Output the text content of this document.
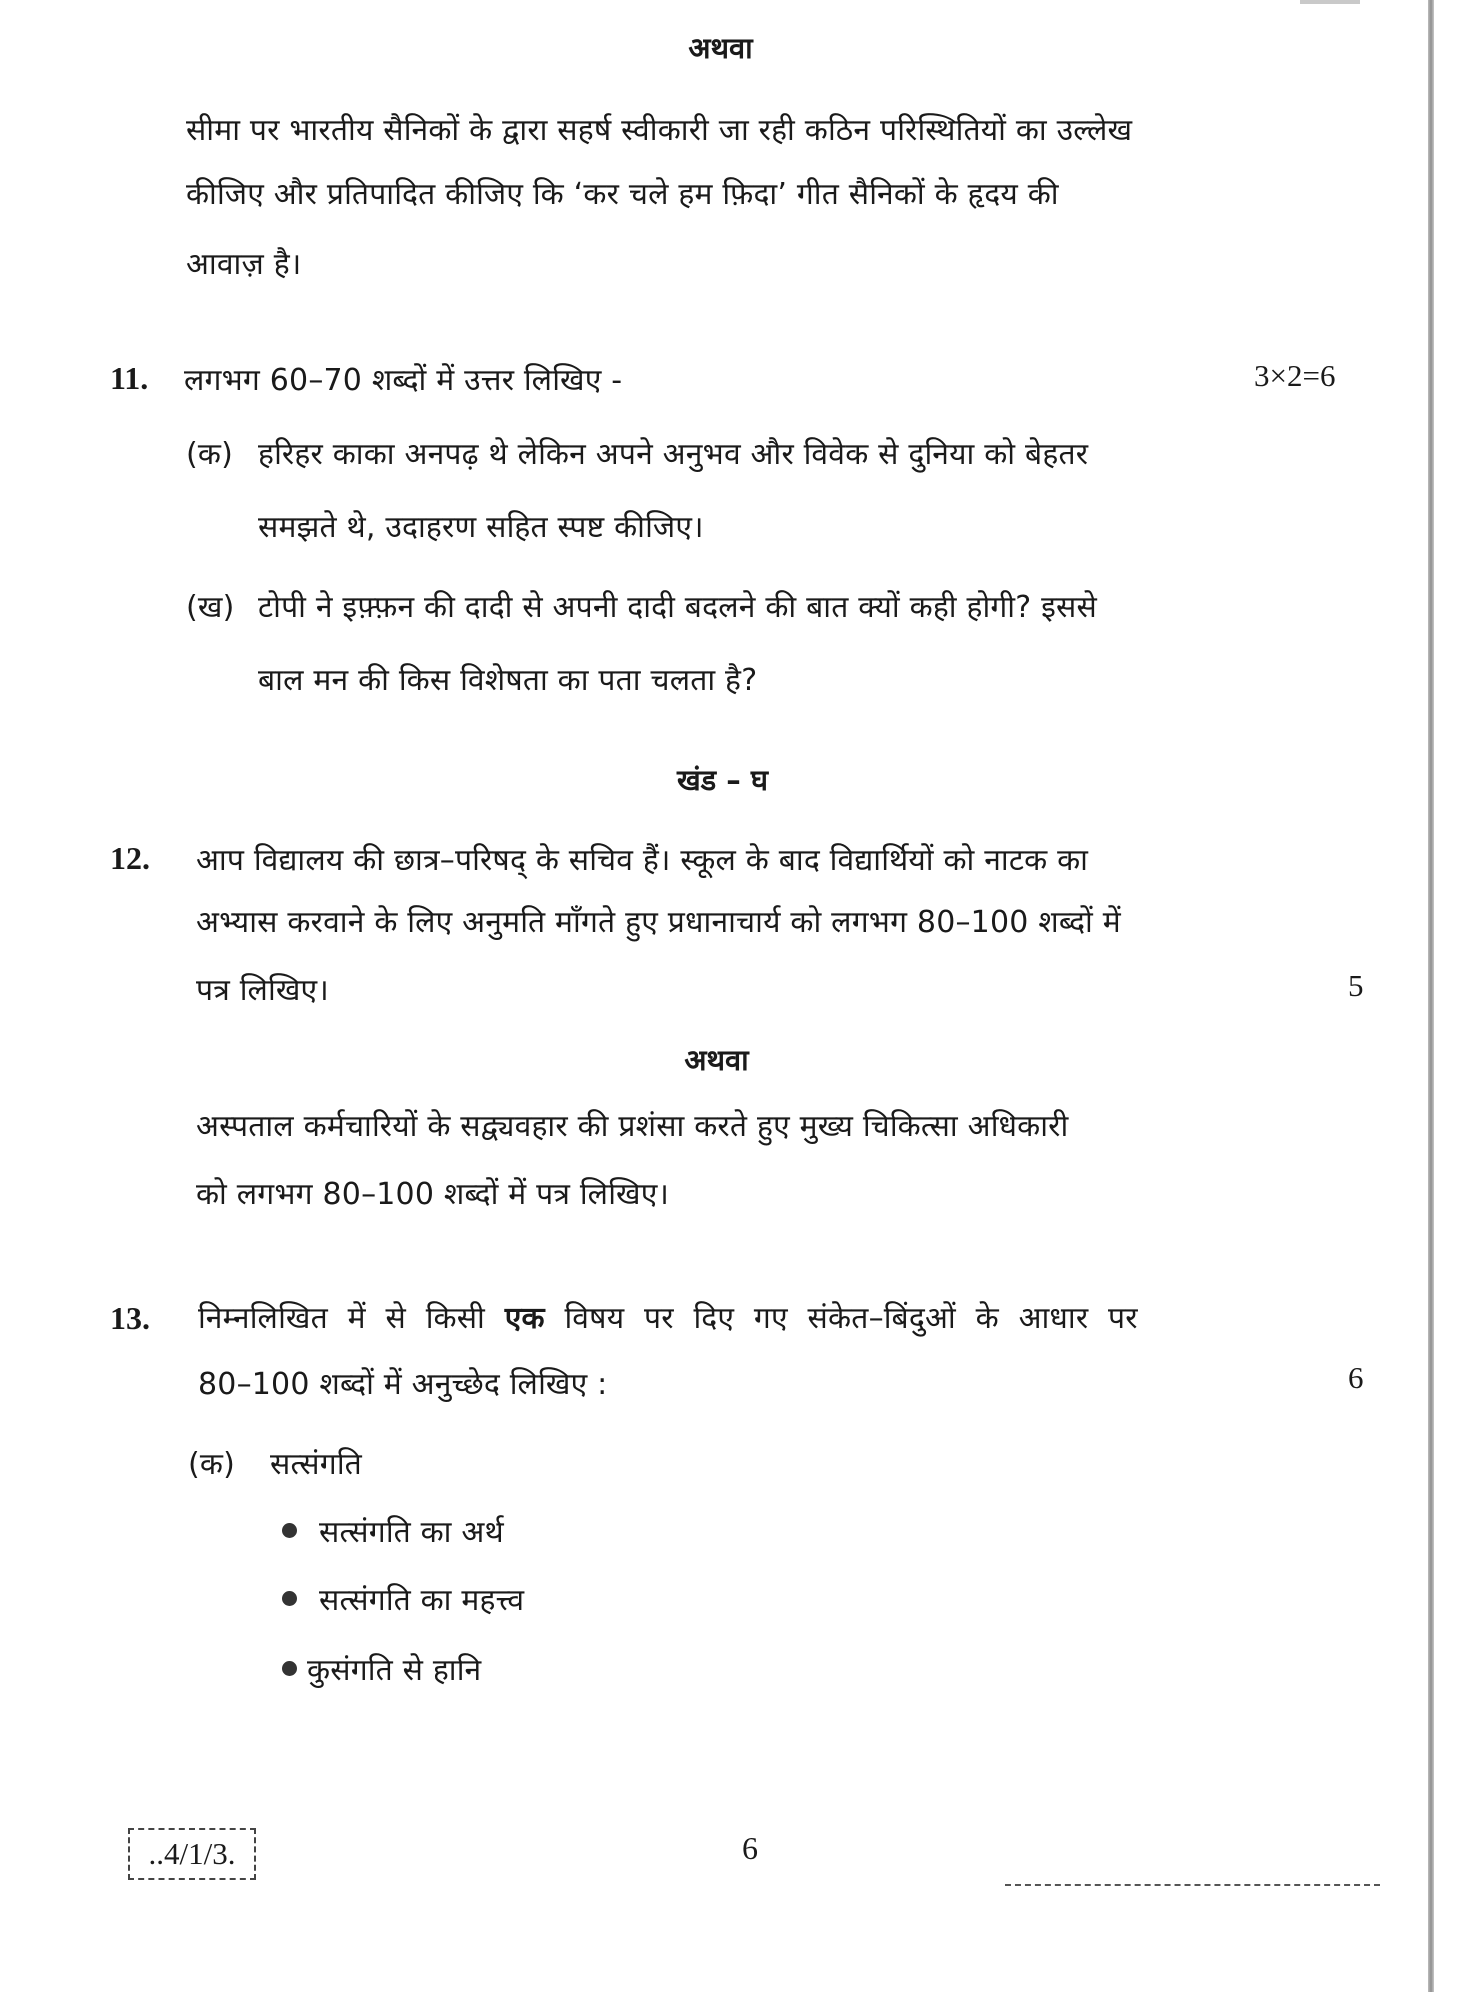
अथवा
सीमा पर भारतीय सैनिकों के द्वारा सहर्ष स्वीकारी जा रही कठिन परिस्थितियों का उल्लेख
कीजिए और प्रतिपादित कीजिए कि ‘कर चले हम फ़िदा’ गीत सैनिकों के हृदय की
आवाज़ है।
11. लगभग 60–70 शब्दों में उत्तर लिखिए -	3×2=6
(क) हरिहर काका अनपढ़ थे लेकिन अपने अनुभव और विवेक से दुनिया को बेहतर
समझते थे, उदाहरण सहित स्पष्ट कीजिए।
(ख) टोपी ने इफ़्फ़न की दादी से अपनी दादी बदलने की बात क्यों कही होगी? इससे
बाल मन की किस विशेषता का पता चलता है?
खंड – घ
12. आप विद्यालय की छात्र–परिषद् के सचिव हैं। स्कूल के बाद विद्यार्थियों को नाटक का
अभ्यास करवाने के लिए अनुमति माँगते हुए प्रधानाचार्य को लगभग 80–100 शब्दों में
पत्र लिखिए।	5
अथवा
अस्पताल कर्मचारियों के सद्व्यवहार की प्रशंसा करते हुए मुख्य चिकित्सा अधिकारी
को लगभग 80–100 शब्दों में पत्र लिखिए।
13. निम्नलिखित में से किसी एक विषय पर दिए गए संकेत–बिंदुओं के आधार पर
80–100 शब्दों में अनुच्छेद लिखिए :	6
(क) सत्संगति
सत्संगति का अर्थ
सत्संगति का महत्त्व
कुसंगति से हानि
..4/1/3.	6
